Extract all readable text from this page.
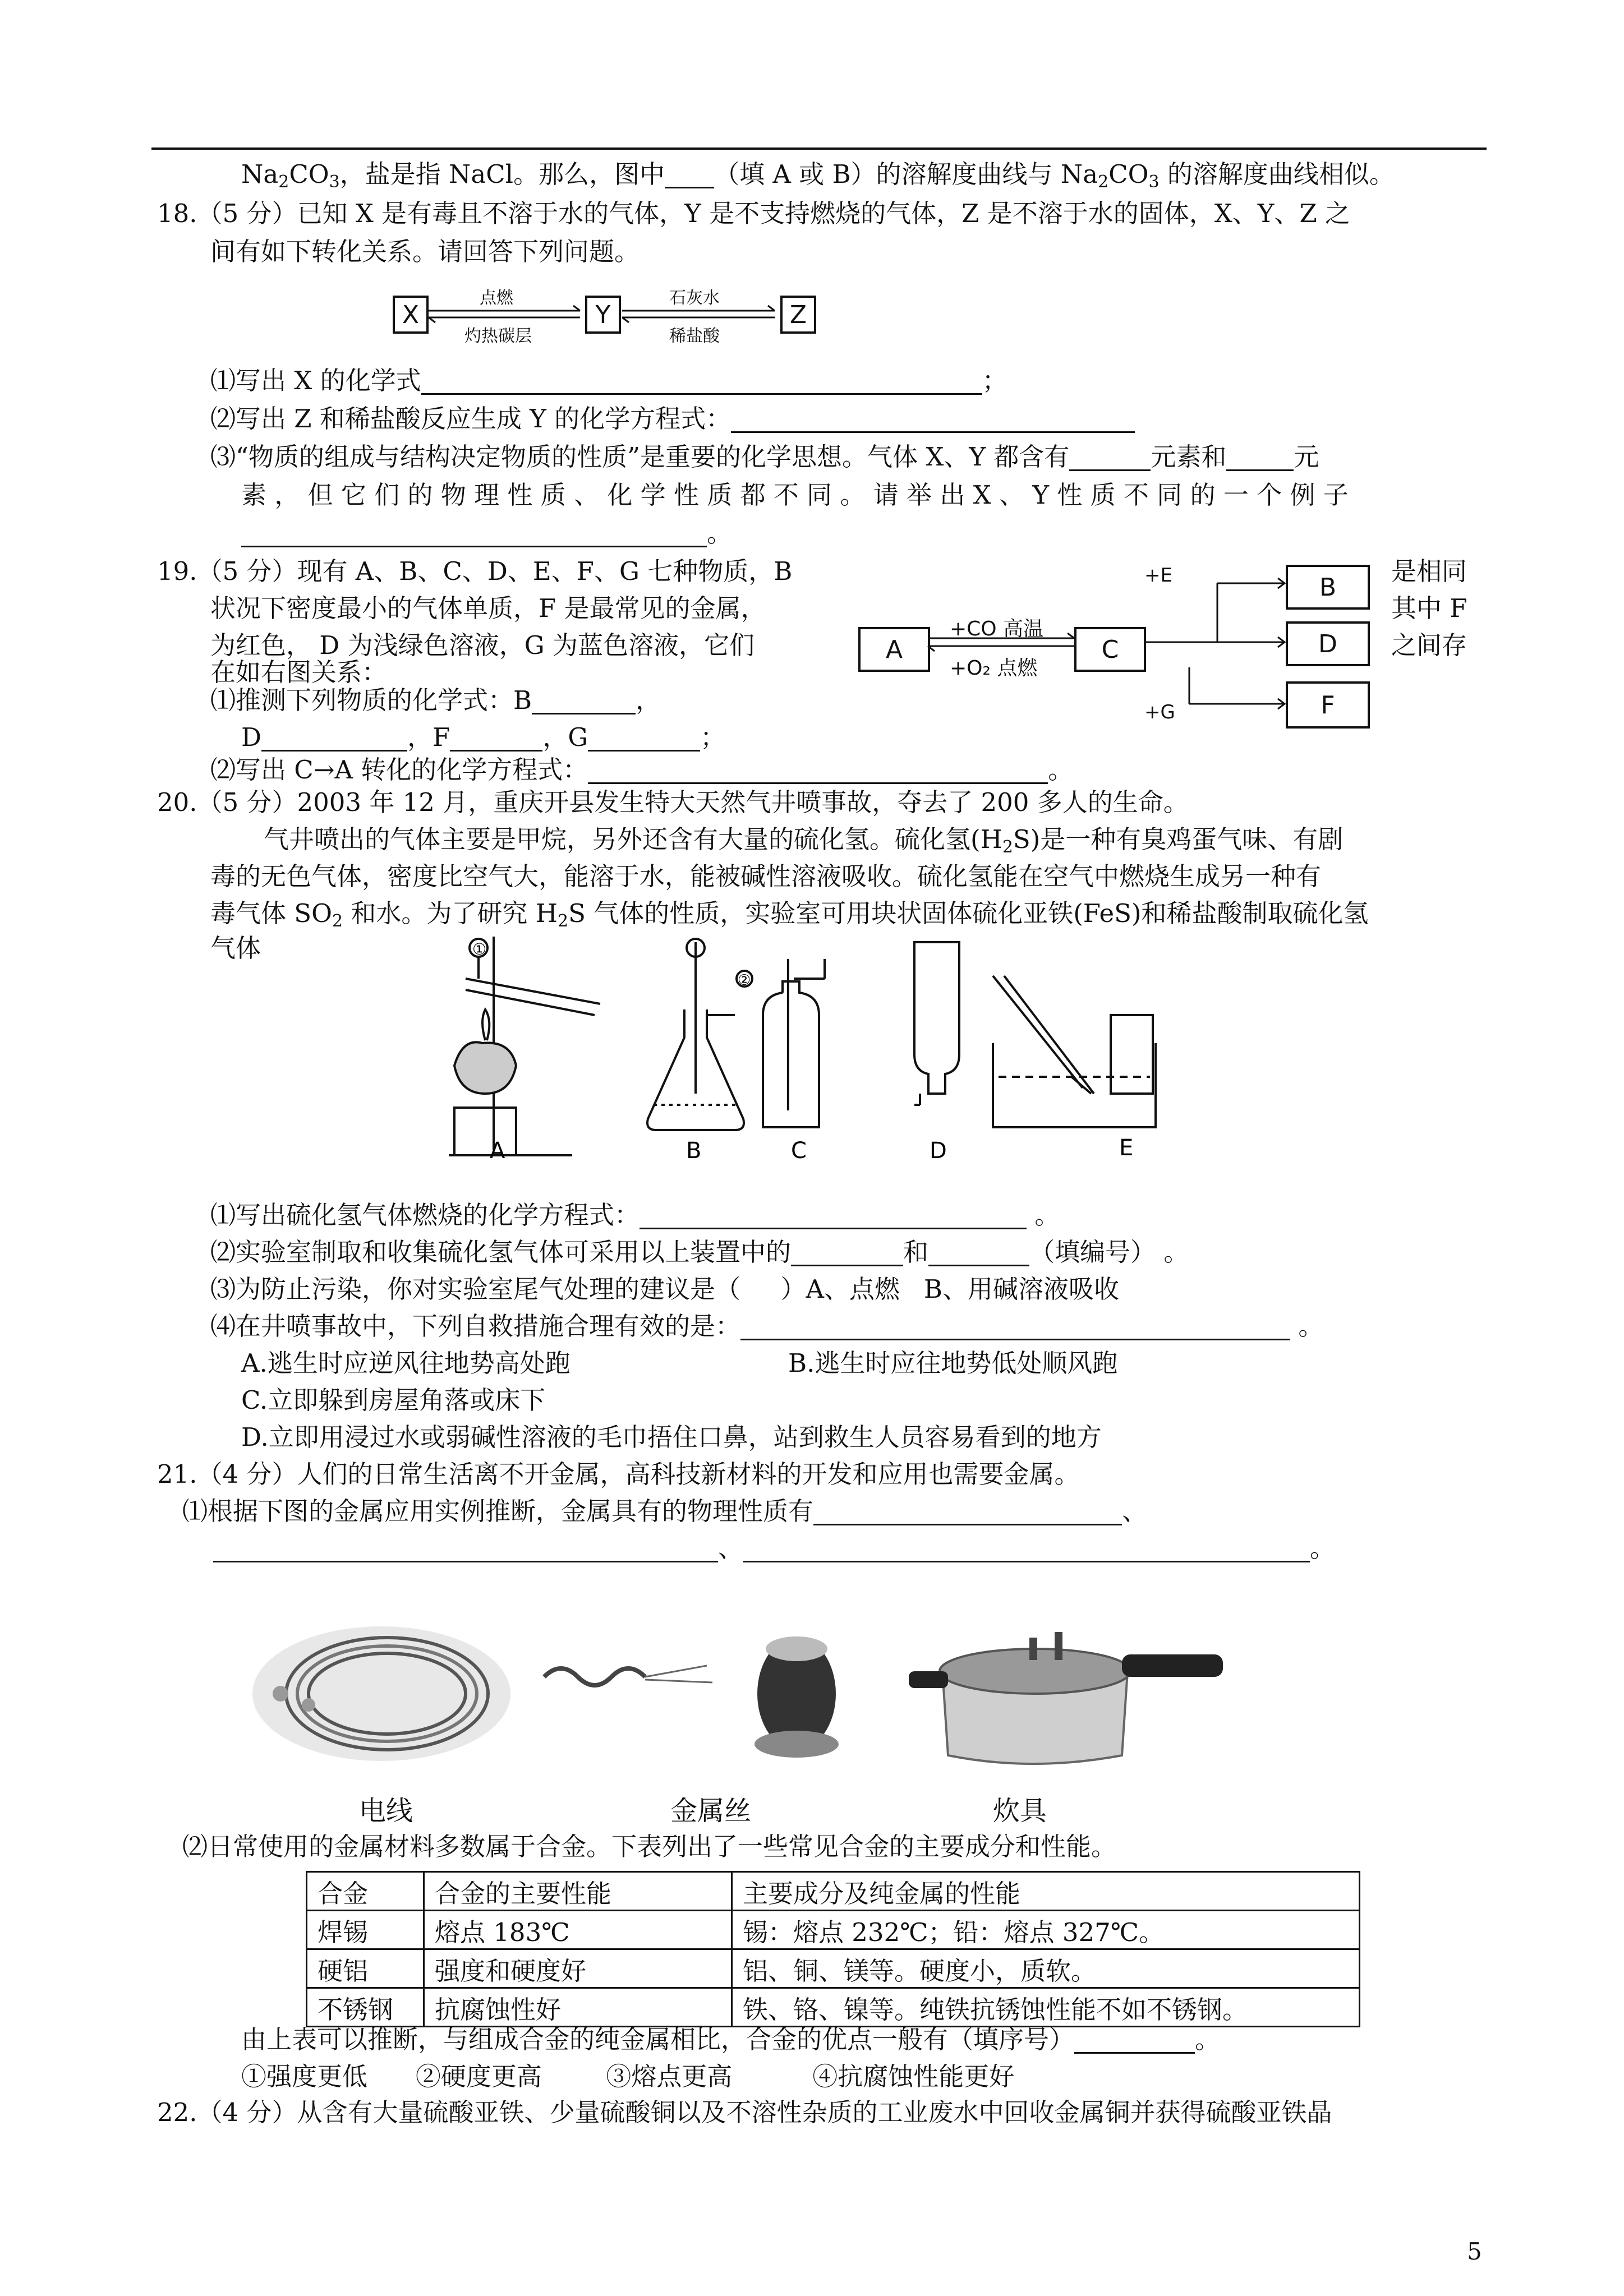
$Na_2CO_3$，盐是指 NaCl。那么，图中 （填 A 或 B）的溶解度曲线与 $Na_2CO_3$ 的溶解度曲线相似。
18.（5 分）已知 X 是有毒且不溶于水的气体，Y 是不支持燃烧的气体，Z 是不溶于水的固体，X、Y、Z 之
间有如下转化关系。请回答下列问题。
X	Y	Z
点燃
灼热碳层
石灰水
稀盐酸
⑴写出 X 的化学式	；
⑵写出 Z 和稀盐酸反应生成 Y 的化学方程式：
⑶“物质的组成与结构决定物质的性质”是重要的化学思想。气体 X、Y 都含有	元素和	元
素 ， 但 它 们 的 物 理 性 质 、 化 学 性 质 都 不 同 。 请 举 出 X 、 Y 性 质 不 同 的 一 个 例 子
。
19.（5 分）现有 A、B、C、D、E、F、G 七种物质，B	是相同
状况下密度最小的气体单质，F 是最常见的金属，	其中 F
为红色， D 为浅绿色溶液，G 为蓝色溶液，它们	之间存
在如右图关系：
A	C
B
D
F
+CO 高温
+O₂ 点燃
+E
+G
⑴推测下列物质的化学式：B	，
D	，F	，G	；
⑵写出 C→A 转化的化学方程式：	。
20.（5 分）2003 年 12 月，重庆开县发生特大天然气井喷事故，夺去了 200 多人的生命。
气井喷出的气体主要是甲烷，另外还含有大量的硫化氢。硫化氢$(H_2S)$是一种有臭鸡蛋气味、有剧
毒的无色气体，密度比空气大，能溶于水，能被碱性溶液吸收。硫化氢能在空气中燃烧生成另一种有
毒气体 $SO_2$ 和水。为了研究 $H_2S$ 气体的性质，实验室可用块状固体硫化亚铁(FeS)和稀盐酸制取硫化氢
气体
A	B	C	D	E
①
②
⑴写出硫化氢气体燃烧的化学方程式：	。
⑵实验室制取和收集硫化氢气体可采用以上装置中的	和	（填编号） 。
⑶为防止污染，你对实验室尾气处理的建议是（     ）A、点燃   B、用碱溶液吸收
⑷在井喷事故中，下列自救措施合理有效的是：	。
A.逃生时应逆风往地势高处跑	B.逃生时应往地势低处顺风跑
C.立即躲到房屋角落或床下
D.立即用浸过水或弱碱性溶液的毛巾捂住口鼻，站到救生人员容易看到的地方
21.（4 分）人们的日常生活离不开金属，高科技新材料的开发和应用也需要金属。
⑴根据下图的金属应用实例推断，金属具有的物理性质有	、
、	。
电线	金属丝	炊具
⑵日常使用的金属材料多数属于合金。下表列出了一些常见合金的主要成分和性能。
合金	合金的主要性能	主要成分及纯金属的性能
焊锡	熔点 183℃	锡：熔点 232℃；铅：熔点 327℃。
硬铝	强度和硬度好	铝、铜、镁等。硬度小，质软。
不锈钢	抗腐蚀性好	铁、铬、镍等。纯铁抗锈蚀性能不如不锈钢。
由上表可以推断，与组成合金的纯金属相比，合金的优点一般有（填序号）	。
①强度更低      ②硬度更高        ③熔点更高          ④抗腐蚀性能更好
22.（4 分）从含有大量硫酸亚铁、少量硫酸铜以及不溶性杂质的工业废水中回收金属铜并获得硫酸亚铁晶
5
